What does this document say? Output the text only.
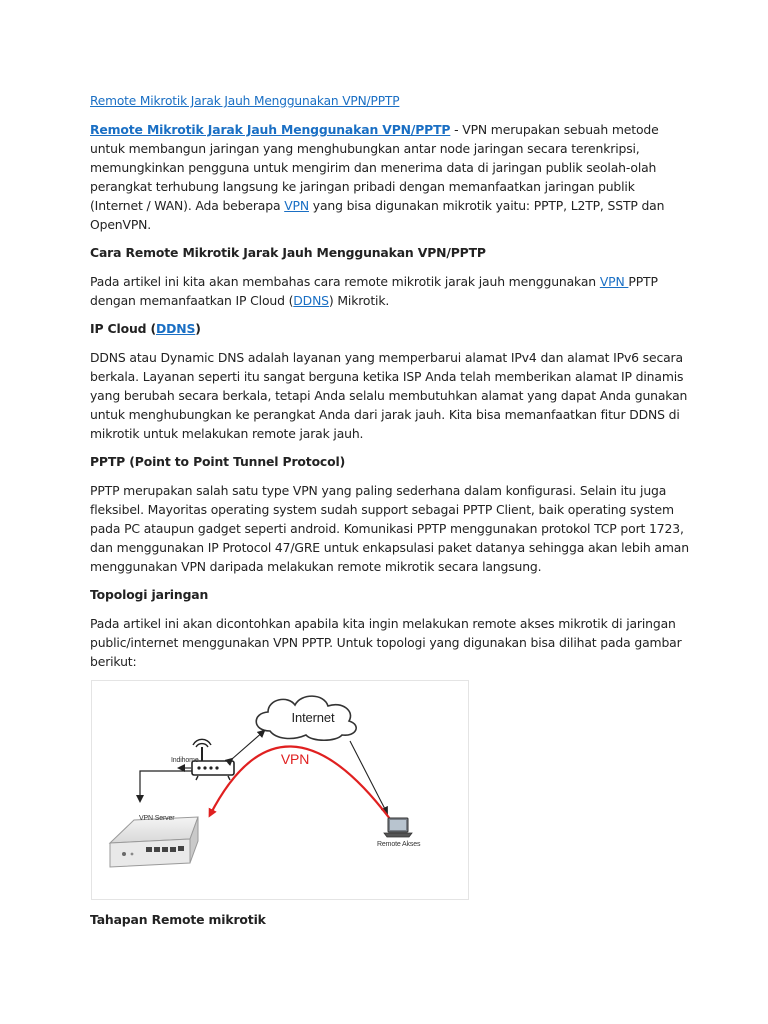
Remote Mikrotik Jarak Jauh Menggunakan VPN/PPTP

Remote Mikrotik Jarak Jauh Menggunakan VPN/PPTP - VPN merupakan sebuah metode untuk membangun jaringan yang menghubungkan antar node jaringan secara terenkripsi, memungkinkan pengguna untuk mengirim dan menerima data di jaringan publik seolah-olah perangkat terhubung langsung ke jaringan pribadi dengan memanfaatkan jaringan publik (Internet / WAN). Ada beberapa VPN yang bisa digunakan mikrotik yaitu: PPTP, L2TP, SSTP dan OpenVPN.

Cara Remote Mikrotik Jarak Jauh Menggunakan VPN/PPTP

Pada artikel ini kita akan membahas cara remote mikrotik jarak jauh menggunakan VPN PPTP dengan memanfaatkan IP Cloud (DDNS) Mikrotik.

IP Cloud (DDNS)

DDNS atau Dynamic DNS adalah layanan yang memperbarui alamat IPv4 dan alamat IPv6 secara berkala. Layanan seperti itu sangat berguna ketika ISP Anda telah memberikan alamat IP dinamis yang berubah secara berkala, tetapi Anda selalu membutuhkan alamat yang dapat Anda gunakan untuk menghubungkan ke perangkat Anda dari jarak jauh. Kita bisa memanfaatkan fitur DDNS di mikrotik untuk melakukan remote jarak jauh.

PPTP (Point to Point Tunnel Protocol)

PPTP merupakan salah satu type VPN yang paling sederhana dalam konfigurasi. Selain itu juga fleksibel. Mayoritas operating system sudah support sebagai PPTP Client, baik operating system pada PC ataupun gadget seperti android. Komunikasi PPTP menggunakan protokol TCP port 1723, dan menggunakan IP Protocol 47/GRE untuk enkapsulasi paket datanya sehingga akan lebih aman menggunakan VPN daripada melakukan remote mikrotik secara langsung.

Topologi jaringan

Pada artikel ini akan dicontohkan apabila kita ingin melakukan remote akses mikrotik di jaringan public/internet menggunakan VPN PPTP. Untuk topologi yang digunakan bisa dilihat pada gambar berikut:

Internet
Indihome	VPN
VPN Server
Remote Akses

Tahapan Remote mikrotik
